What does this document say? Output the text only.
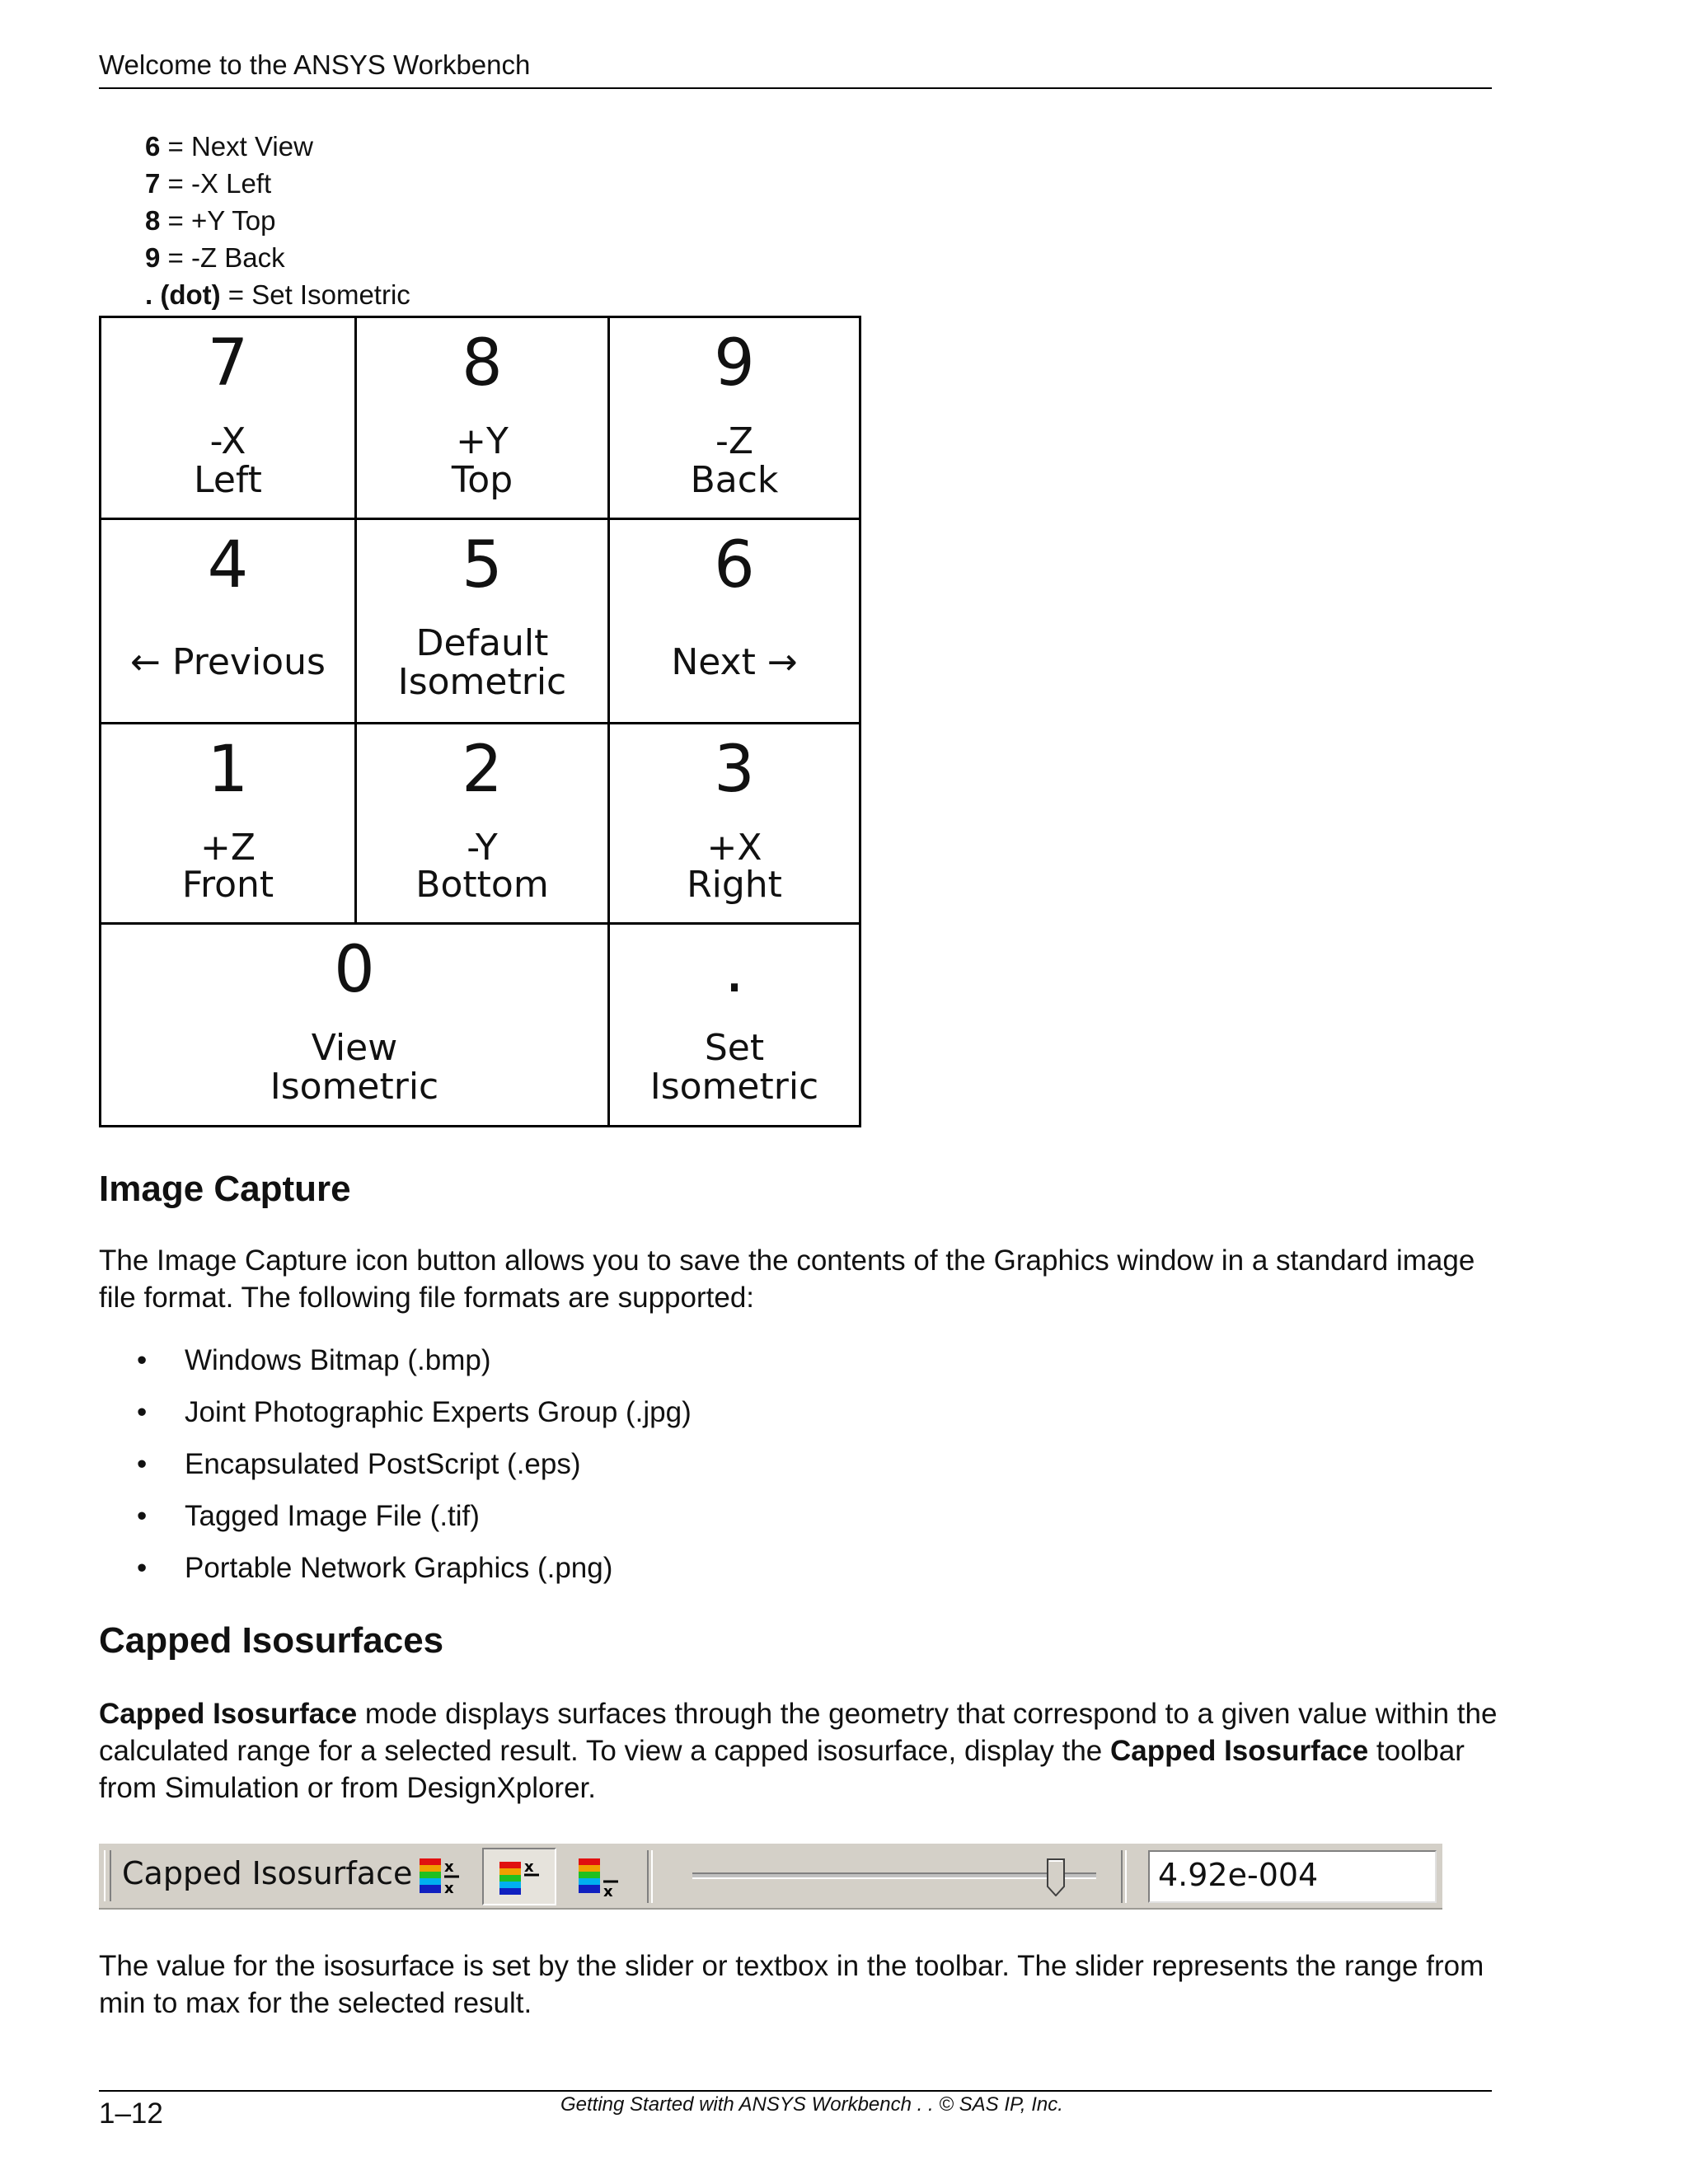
Welcome to the ANSYS Workbench
6 = Next View
7 = -X Left
8 = +Y Top
9 = -Z Back
. (dot) = Set Isometric
7
-X
Left
8
+Y
Top
9
-Z
Back
4
← Previous
5
Default
Isometric
6
Next →
1
+Z
Front
2
-Y
Bottom
3
+X
Right
0
View
Isometric
.
Set
Isometric
Image Capture

The Image Capture icon button allows you to save the contents of the Graphics window in a standard image file format. The following file formats are supported:

• Windows Bitmap (.bmp)
• Joint Photographic Experts Group (.jpg)
• Encapsulated PostScript (.eps)
• Tagged Image File (.tif)
• Portable Network Graphics (.png)
Capped Isosurfaces

Capped Isosurface mode displays surfaces through the geometry that correspond to a given value within the calculated range for a selected result. To view a capped isosurface, display the Capped Isosurface toolbar from Simulation or from DesignXplorer.

Capped Isosurface x
x
x
x	4.92e-004

The value for the isosurface is set by the slider or textbox in the toolbar. The slider represents the range from min to max for the selected result.

1–12	Getting Started with ANSYS Workbench . . © SAS IP, Inc.
